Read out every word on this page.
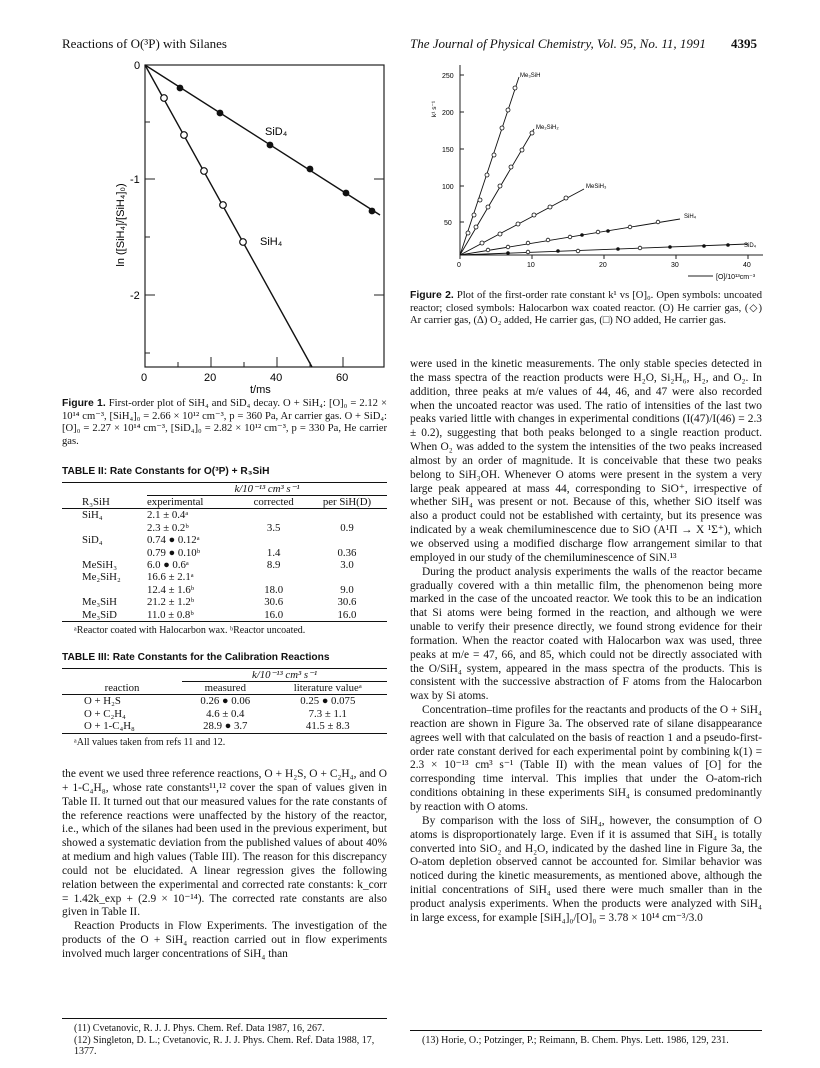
Reactions of O(³P) with Silanes	The Journal of Physical Chemistry, Vol. 95, No. 11, 1991 4395
0
-1
-2
0	20	40	60
t/ms
ln ([SiH₄]/[SiH₄]₀)
SiD₄
SiH₄
Figure 1. First-order plot of SiH₄ and SiD₄ decay. O + SiH₄: [O]₀ = 2.12 × 10¹⁴ cm⁻³, [SiH₄]₀ = 2.66 × 10¹² cm⁻³, p = 360 Pa, Ar carrier gas. O + SiD₄: [O]₀ = 2.27 × 10¹⁴ cm⁻³, [SiD₄]₀ = 2.82 × 10¹² cm⁻³, p = 330 Pa, He carrier gas.
TABLE II: Rate Constants for O(³P) + R₃SiH
	k/10⁻¹³ cm³ s⁻¹		
R₃SiH	experimental	corrected	per SiH(D)
SiH₄	2.1 ± 0.4ᵃ		
	2.3 ± 0.2ᵇ	3.5	0.9
SiD₄	0.74 ● 0.12ᵃ		
	0.79 ● 0.10ᵇ	1.4	0.36
MeSiH₃	6.0 ● 0.6ᵃ	8.9	3.0
Me₂SiH₂	16.6 ± 2.1ᵃ		
	12.4 ± 1.6ᵇ	18.0	9.0
Me₃SiH	21.2 ± 1.2ᵇ	30.6	30.6
Me₃SiD	11.0 ± 0.8ᵇ	16.0	16.0
ᵃReactor coated with Halocarbon wax. ᵇReactor uncoated.
TABLE III: Rate Constants for the Calibration Reactions
	k/10⁻¹³ cm³ s⁻¹	
reaction	measured	literature valueᵃ
O + H₂S	0.26 ● 0.06	0.25 ● 0.075
O + C₂H₄	4.6 ± 0.4	7.3 ± 1.1
O + 1-C₄H₈	28.9 ● 3.7	41.5 ± 8.3
ᵃAll values taken from refs 11 and 12.

the event we used three reference reactions, O + H₂S, O + C₂H₄, and O + 1-C₄H₈, whose rate constants¹¹,¹² cover the span of values given in Table II. It turned out that our measured values for the rate constants of the reference reactions were unaffected by the history of the reactor, i.e., which of the silanes had been used in the previous experiment, but showed a systematic deviation from the published values of about 40% at medium and high values (Table III). The reason for this discrepancy could not be elucidated. A linear regression gives the following relation between the experimental and corrected rate constants: k_corr = 1.42k_exp + (2.9 × 10⁻¹⁴). The corrected rate constants are also given in Table II.

Reaction Products in Flow Experiments. The investigation of the products of the O + SiH₄ reaction carried out in flow experiments involved much larger concentrations of SiH₄ than

(11) Cvetanovic, R. J. J. Phys. Chem. Ref. Data 1987, 16, 267.
(12) Singleton, D. L.; Cvetanovic, R. J. J. Phys. Chem. Ref. Data 1988, 17, 1377.
50
100
150
200
250
0	10	20	30	40
[O]/10¹³cm⁻³
k¹ s⁻¹
Me₃SiH
Me₂SiH₂
MeSiH₃
SiH₄
SiD₄
Figure 2. Plot of the first-order rate constant k¹ vs [O]₀. Open symbols: uncoated reactor; closed symbols: Halocarbon wax coated reactor. (O) He carrier gas, (◇) Ar carrier gas, (Δ) O₂ added, He carrier gas, (□) NO added, He carrier gas.

were used in the kinetic measurements. The only stable species detected in the mass spectra of the reaction products were H₂O, Si₂H₆, H₂, and O₂. In addition, three peaks at m/e values of 44, 46, and 47 were also recorded when the uncoated reactor was used. The ratio of intensities of the last two peaks varied little with changes in experimental conditions (I(47)/I(46) = 2.3 ± 0.2), suggesting that both peaks belonged to a single reaction product. When O₂ was added to the system the intensities of the two peaks increased almost by an order of magnitude. It is conceivable that these two peaks belong to SiH₃OH. Whenever O atoms were present in the system a very large peak appeared at mass 44, corresponding to SiO⁺, irrespective of whether SiH₄ was present or not. Because of this, whether SiO itself was also a product could not be established with certainty, but its presence was indicated by a weak chemiluminescence due to SiO (A¹Π → X ¹Σ⁺), which we observed using a modified discharge flow arrangement similar to that employed in our study of the chemiluminescence of SiN.¹³

During the product analysis experiments the walls of the reactor became gradually covered with a thin metallic film, the phenomenon being more marked in the case of the uncoated reactor. We took this to be an indication that Si atoms were being formed in the reaction, and although we were unable to verify their presence directly, we found strong evidence for their formation. When the reactor coated with Halocarbon wax was used, three peaks at m/e = 47, 66, and 85, which could not be directly associated with the O/SiH₄ system, appeared in the mass spectra of the products. This is consistent with the successive abstraction of F atoms from the Halocarbon wax by Si atoms.

Concentration–time profiles for the reactants and products of the O + SiH₄ reaction are shown in Figure 3a. The observed rate of silane disappearance agrees well with that calculated on the basis of reaction 1 and a pseudo-first-order rate constant derived for each experimental point by combining k(1) = 2.3 × 10⁻¹³ cm³ s⁻¹ (Table II) with the mean values of [O] for the corresponding time interval. This implies that under the O-atom-rich conditions obtaining in these experiments SiH₄ is consumed predominantly by reaction with O atoms.

By comparison with the loss of SiH₄, however, the consumption of O atoms is disproportionately large. Even if it is assumed that SiH₄ is totally converted into SiO₂ and H₂O, indicated by the dashed line in Figure 3a, the O-atom depletion observed cannot be accounted for. Similar behavior was noticed during the kinetic measurements, as mentioned above, although the initial concentrations of SiH₄ used there were much smaller than in the product analysis experiments. When the products were analyzed with SiH₄ in large excess, for example [SiH₄]₀/[O]₀ = 3.78 × 10¹⁴ cm⁻³/3.0

(13) Horie, O.; Potzinger, P.; Reimann, B. Chem. Phys. Lett. 1986, 129, 231.
